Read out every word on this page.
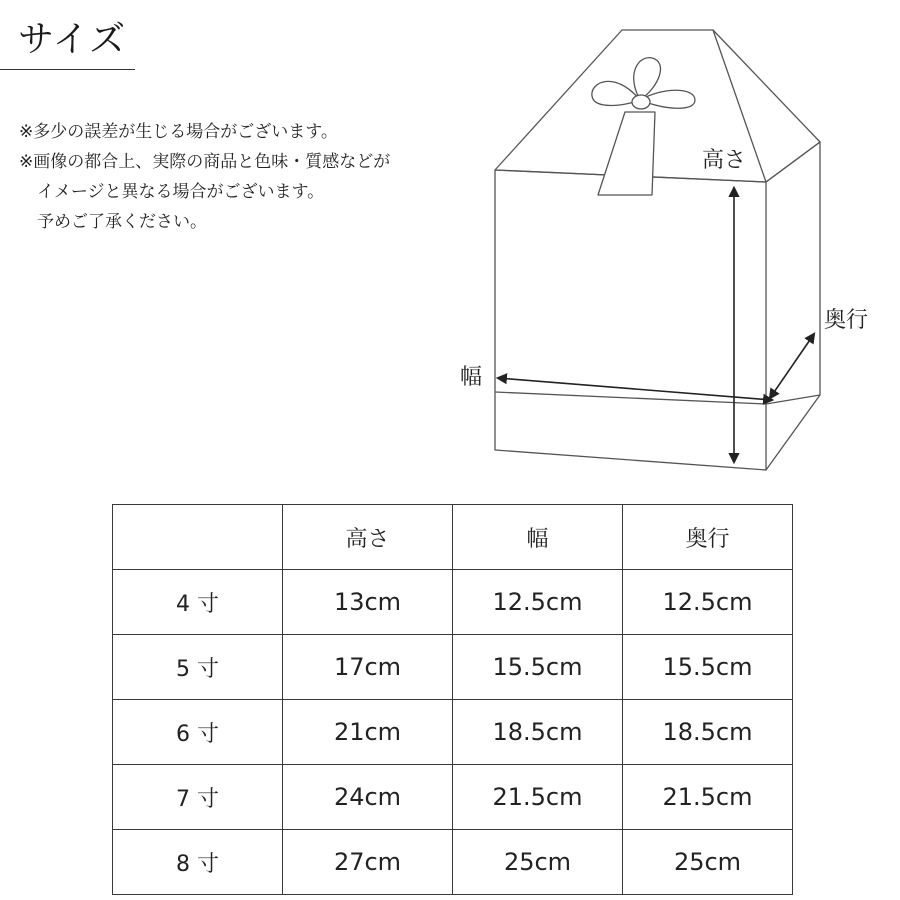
サイズ
※多少の誤差が生じる場合がございます。
※画像の都合上、実際の商品と色味・質感などが
イメージと異なる場合がございます。
予めご了承ください。
高さ
幅
奥行
	高さ	幅	奥行
4 寸	13cm	12.5cm	12.5cm
5 寸	17cm	15.5cm	15.5cm
6 寸	21cm	18.5cm	18.5cm
7 寸	24cm	21.5cm	21.5cm
8 寸	27cm	25cm	25cm
